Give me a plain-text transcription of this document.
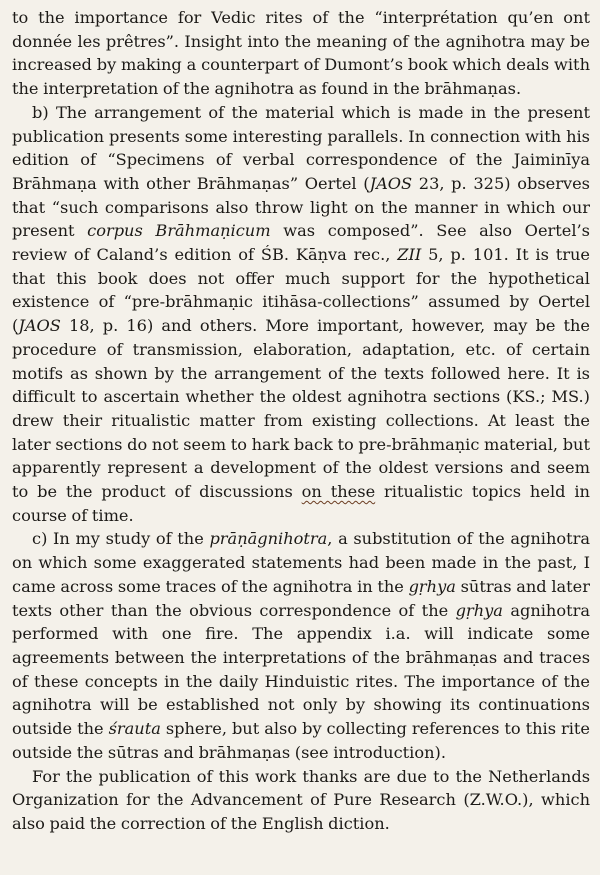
to the importance for Vedic rites of the “interprétation qu’en ont donnée les prêtres”. Insight into the meaning of the agnihotra may be increased by making a counterpart of Dumont’s book which deals with the interpretation of the agnihotra as found in the brāhmaṇas.

b) The arrangement of the material which is made in the present publication presents some interesting parallels. In connection with his edition of “Specimens of verbal correspondence of the Jaiminīya Brāhmaṇa with other Brāhmaṇas” Oertel (JAOS 23, p. 325) observes that “such comparisons also throw light on the manner in which our present corpus Brāhmaṇicum was composed”. See also Oertel’s review of Caland’s edition of ŚB. Kāṇva rec., ZII 5, p. 101. It is true that this book does not offer much support for the hypothetical existence of “pre-brāhmaṇic itihāsa-collections” assumed by Oertel (JAOS 18, p. 16) and others. More important, however, may be the procedure of transmission, elaboration, adaptation, etc. of certain motifs as shown by the arrangement of the texts followed here. It is difficult to ascertain whether the oldest agnihotra sections (KS.; MS.) drew their ritualistic matter from existing collections. At least the later sections do not seem to hark back to pre-brāhmaṇic material, but apparently represent a development of the oldest versions and seem to be the product of discussions on these ritualistic topics held in course of time.

c) In my study of the prāṇāgnihotra, a substitution of the agnihotra on which some exaggerated statements had been made in the past, I came across some traces of the agnihotra in the gṛhya sūtras and later texts other than the obvious correspondence of the gṛhya agnihotra performed with one fire. The appendix i.a. will indicate some agreements between the interpretations of the brāhmaṇas and traces of these concepts in the daily Hinduistic rites. The importance of the agnihotra will be established not only by showing its continuations outside the śrauta sphere, but also by collecting references to this rite outside the sūtras and brāhmaṇas (see introduction).

For the publication of this work thanks are due to the Netherlands Organization for the Advancement of Pure Research (Z.W.O.), which also paid the correction of the English diction.
